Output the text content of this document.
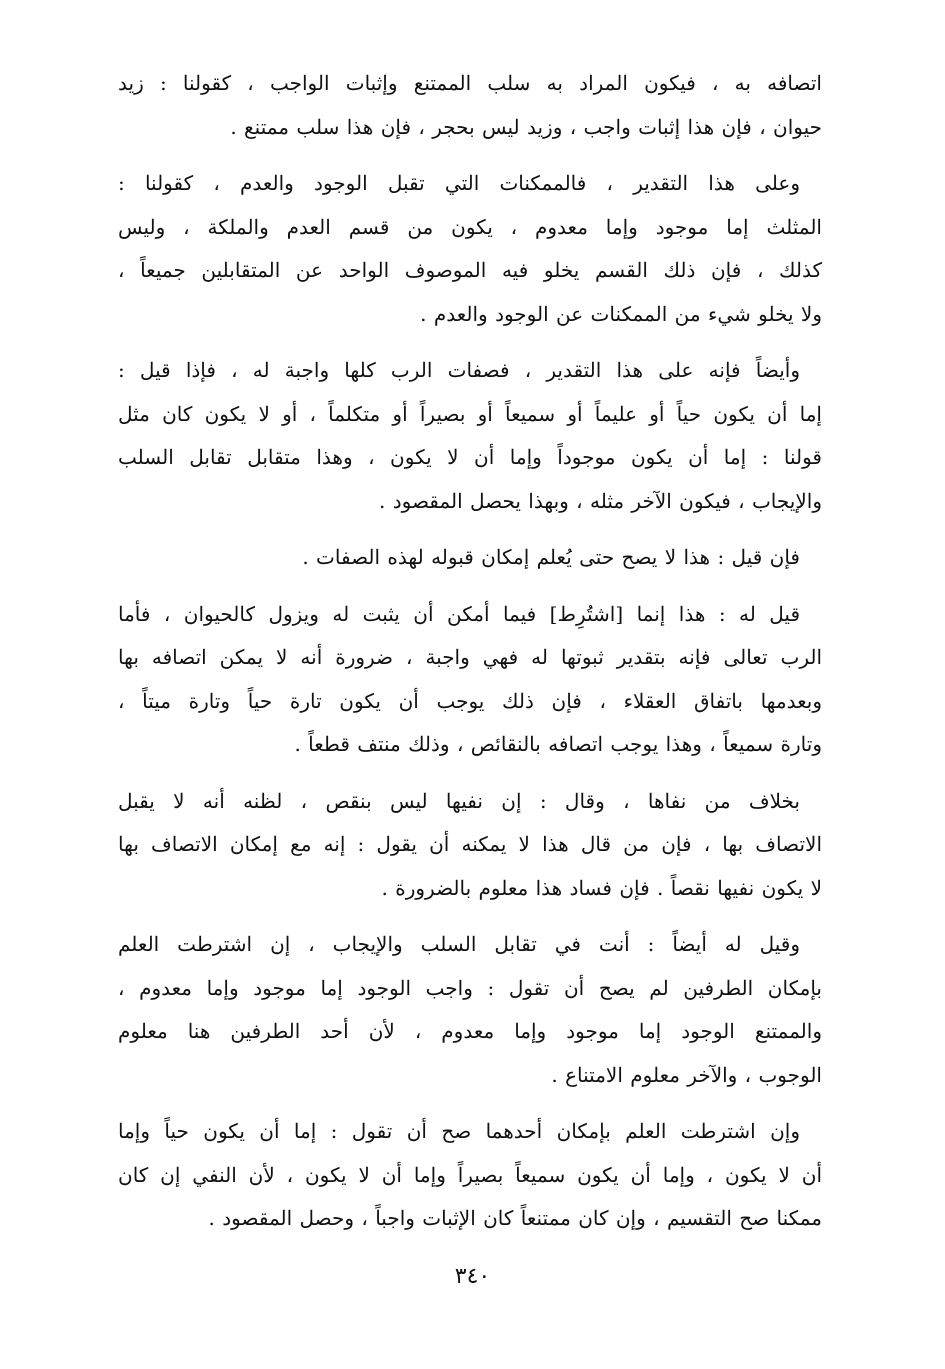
اتصافه به ، فيكون المراد به سلب الممتنع وإثبات الواجب ، كقولنا : زيد
حيوان ، فإن هذا إثبات واجب ، وزيد ليس بحجر ، فإن هذا سلب ممتنع .
وعلى هذا التقدير ، فالممكنات التي تقبل الوجود والعدم ، كقولنا :
المثلث إما موجود وإما معدوم ، يكون من قسم العدم والملكة ، وليس
كذلك ، فإن ذلك القسم يخلو فيه الموصوف الواحد عن المتقابلين جميعاً ،
ولا يخلو شيء من الممكنات عن الوجود والعدم .
وأيضاً فإنه على هذا التقدير ، فصفات الرب كلها واجبة له ، فإذا قيل :
إما أن يكون حياً أو عليماً أو سميعاً أو بصيراً أو متكلماً ، أو لا يكون كان مثل
قولنا : إما أن يكون موجوداً وإما أن لا يكون ، وهذا متقابل تقابل السلب
والإيجاب ، فيكون الآخر مثله ، وبهذا يحصل المقصود .
فإن قيل : هذا لا يصح حتى يُعلم إمكان قبوله لهذه الصفات .
قيل له : هذا إنما [اشتُرِط] فيما أمكن أن يثبت له ويزول كالحيوان ، فأما
الرب تعالى فإنه بتقدير ثبوتها له فهي واجبة ، ضرورة أنه لا يمكن اتصافه بها
وبعدمها باتفاق العقلاء ، فإن ذلك يوجب أن يكون تارة حياً وتارة ميتاً ،
وتارة سميعاً ، وهذا يوجب اتصافه بالنقائص ، وذلك منتف قطعاً .
بخلاف من نفاها ، وقال : إن نفيها ليس بنقص ، لظنه أنه لا يقبل
الاتصاف بها ، فإن من قال هذا لا يمكنه أن يقول : إنه مع إمكان الاتصاف بها
لا يكون نفيها نقصاً . فإن فساد هذا معلوم بالضرورة .
وقيل له أيضاً : أنت في تقابل السلب والإيجاب ، إن اشترطت العلم
بإمكان الطرفين لم يصح أن تقول : واجب الوجود إما موجود وإما معدوم ،
والممتنع الوجود إما موجود وإما معدوم ، لأن أحد الطرفين هنا معلوم
الوجوب ، والآخر معلوم الامتناع .
وإن اشترطت العلم بإمكان أحدهما صح أن تقول : إما أن يكون حياً وإما
أن لا يكون ، وإما أن يكون سميعاً بصيراً وإما أن لا يكون ، لأن النفي إن كان
ممكنا صح التقسيم ، وإن كان ممتنعاً كان الإثبات واجباً ، وحصل المقصود .
٣٤٠
